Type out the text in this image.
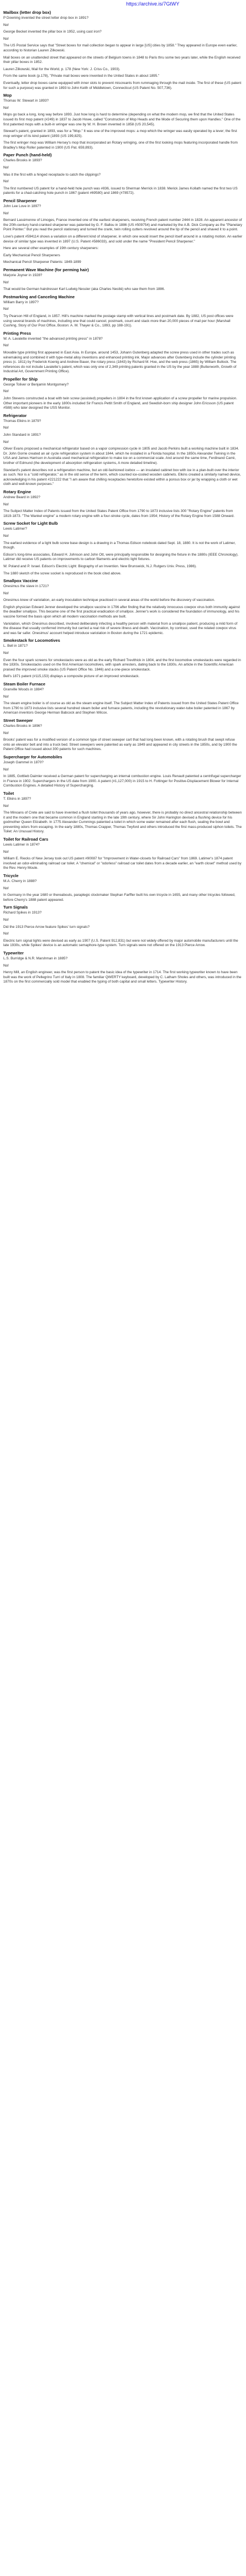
https://archive.is/7GtWY
Mailbox (letter drop box)

P Downing invented the street letter drop box in 1891?

No!

George Becket invented the pillar box in 1952, using cast iron?

No!

The US Postal Service says that "Street boxes for mail collection began to appear in large [US] cities by 1858." They appeared in Europe even earlier, according to historian Lauren Zilkowski.

Mail boxes on an unattended street that appeared on the streets of Belgium towns in 1848 to Paris thru some two years later, while the English received their pillar boxes in 1852.

Lauren Zilkowski, Mail for the World, p. 178 (New York: J. Criss Co., 1903).

From the same book (p.178), "Private mail boxes were invented in the United States in about 1895."

Eventually, letter drop boxes came equipped with inner slots to prevent miscreants from rummaging through the mail inside. The first of these (US patent for such a purpose) was granted in 1893 to John Keith of Middletown, Connecticut (US Patent No. 507,736).

Mop

Thomas W. Stewart in 1893?

No!

Mops go back a long, long way before 1893. Just how long is hard to determine (depending on what the modern mop, we find that the United States issued its first mop patent (#249) in 1837 to Jacob Howe, called "Construction of Mop Heads and the Mode of Securing them upon Handles." One of the first patented mops with a built-in wringer was one by W. H. Brown invented in 1858 (US 20,545).

Stewart's patent, granted in 1893, was for a "Mop." It was one of the improved mops: a mop which the wringer was easily operated by a lever; the first mop wringer of its kind patent (1893 (US 199,825).

The first wringer mop was William Hersey's mop that incorporated an Rotary wringing, one of the first looking mops featuring incorporated handle from Bradley's Mop Roller patented in 1900 (US Pat. 659,893).

Paper Punch (hand-held)

Charles Brooks in 1893?

No!

Was it the first with a hinged receptacle to catch the clippings?

No!

The first numbered US patent for a hand-held hole punch was #836, issued to Sherman Merrick in 1838. Merick James Kollath named the first two US patents for a chad-catching hole punch in 1867 (patent #69580) and 1869 (#78572).

Pencil Sharpener

John Lee Love in 1897?

No!

Bernard Lassimonne of Limoges, France invented one of the earliest sharpeners, receiving French patent number 2444 in 1828. An apparent ancestor of the 20th-century hand-cranked sharpener was patented by G. F. Ballou in 1886 (US #509754) and marketed by the A.B. Dick Company as the "Planetary Point Pointer." But you read the pencil stationary and turned the crank, twin rolling cutters revolved around the tip of the pencil and shaved it to a point.

Love's patent #594114 shows a variation on a different kind of sharpener, in which one would insert the pencil itself around in a rotating motion. An earlier device of similar type was invented in 1897 (U.S. Patent #586033), and sold under the name "President Pencil Sharpener."

Here are several other examples of 19th century sharpeners:

Early Mechanical Pencil Sharpeners

Mechanical Pencil Sharpener Patents: 1849-1899

Permanent Wave Machine (for perming hair)

Marjorie Joyner in 1928?

No!

That would be German hairdresser Karl Ludwig Nessler (aka Charles Nestlé) who saw them from 1886.

Postmarking and Canceling Machine

William Barry in 1897?

No!

Try Pearson Hill of England, in 1857. Hill's machine marked the postage stamp with vertical lines and postmark date. By 1882, US post offices were using several brands of machines, including one that could cancel, postmark, count and stack more than 20,000 pieces of mail per hour (Marshall Cushing, Story of Our Post Office, Boston: A. M. Thayer & Co., 1893, pp 188-191).

Printing Press

W. A. Lavalette invented "the advanced printing press" in 1878?

No!

Movable type printing first appeared in East Asia. In Europe, around 1453, Johann Gutenberg adapted the screw press used in other trades such as winemaking and combined it with type-metal alloy inventions and enhanced printing ink. Major advances after Gutenberg include the cylinder printing press (c. 1811) by Frederick Koenig and Andrew Bauer, the rotary press (1843) by Richard M. Hoe, and the web press (1865) by William Bullock. The references do not include Lavalette's patent, which was only one of 2,349 printing patents granted in the US by the year 1888 (Butterworth, Growth of Industrial Art, Government Printing Office).

Propeller for Ship

George Toliver or Benjamin Montgomery?

No!

John Stevens constructed a boat with twin screw (assisted) propellers in 1804 in the first known application of a screw propeller for marine propulsion. Other important pioneers in the early 1800s included Sir Francis Pettit Smith of England, and Swedish-born ship designer John Ericsson (US patent #588) who later designed the USS Monitor.

Refrigerator

Thomas Elkins in 1879?

No!

John Standard in 1891?

No!

Oliver Evans proposed a mechanical refrigerator based on a vapor compression cycle in 1805 and Jacob Perkins built a working machine built in 1834. Dr. John Gorrie created an air cycle refrigeration system in about 1844, which he installed in a Florida hospital. In the 1850s Alexander Twining in the USA and James Harrison in Australia used mechanical refrigeration to make ice on a commercial scale. And around the same time, Ferdinand Carré, brother of Edmund (the development of absorption refrigeration systems, A more detailed timeline).

Standard's patent describes not a refrigeration machine, but an old-fashioned icebox — an insulated cabinet box with ice in a plan-built over the interior as such. Nor is a "cold refrigerator," as in the old sense of the term, which counted ice-cooled wooden cabinets. Elkins created a similarly named device, acknowledging in his patent #221222 that "I am aware that chilling receptacles heretofore existed within a porous box or jar by wrapping a cloth or wet cloth and well-known purposes."

Rotary Engine

Andrew Beard in 1892?

No!

The Subject Matter Index of Patents issued from the United States Patent Office from 1790 to 1873 inclusive lists 300 "Rotary Engine" patents from 1819-1873. "The Wankel engine" a modern rotary engine with a four-stroke cycle, dates from 1954; History of the Rotary Engine from 1588 Onward.

Screw Socket for Light Bulb

Lewis Latimer?

No!

The earliest evidence of a light bulb screw base design is a drawing in a Thomas Edison notebook dated Sept. 18, 1880. It is not the work of Latimer, though.

Edison's long-time associates, Edward H. Johnson and John Ott, were principally responsible for designing the fixture in the 1880s (IEEE Chronology). Latimer did receive US patents on improvements to carbon filaments and electric light fixtures.

W. Poland and P. Israel. Edison's Electric Light: Biography of an Invention. New Brunswick, N.J. Rutgers Univ. Press, 1986).

The 1880 sketch of the screw socket is reproduced in the book cited above.

Smallpox Vaccine

Onesimus the slave in 1721?

No!

Onesimus knew of variolation, an early inoculation technique practiced in several areas of the world before the discovery of vaccination.

English physician Edward Jenner developed the smallpox vaccine in 1796 after finding that the relatively innocuous cowpox virus both immunity against the deadlier smallpox. This became one of the first practical eradication of smallpox. Jenner's work is considered the foundation of immunology, and his vaccine formed the basis upon which all modern vaccination methods are built.

Variolation, which Onesimus described, involved deliberately infecting a healthy person with material from a smallpox patient, producing a mild form of the disease that usually conferred immunity but carried a real risk of severe illness and death. Vaccination, by contrast, used the related cowpox virus and was far safer. Onesimus' account helped introduce variolation in Boston during the 1721 epidemic.

Smokestack for Locomotives

L. Bell in 1871?

No!

Even the four spark screens for smokestacks were as old as the early Richard Trevithick in 1804, and the first locomotive smokestacks were regarded in the 1830s. Smokestacks used on the first American locomotives, with spark arresters, dating back to the 1830s. An article in the Scientific American praised the improved smoke stacks (US Patent Office No. 1846) and a one-piece smokestack.

Bell's 1871 patent (#115,153) displays a composite picture of an improved smokestack.

Steam Boiler Furnace

Granville Woods in 1884?

No!

The steam engine boiler is of course as old as the steam engine itself. The Subject Matter Index of Patents issued from the United States Patent Office from 1790 to 1873 inclusive lists several hundred steam boiler and furnace patents, including the revolutionary water-tube boiler patented in 1867 by American inventors George Herman Babcock and Stephen Wilcox.

Street Sweeper

Charles Brooks in 1896?

No!

Brooks' patent was for a modified version of a common type of street sweeper cart that had long been known, with a rotating brush that swept refuse onto an elevator belt and into a truck bed. Street sweepers were patented as early as 1849 and appeared in city streets in the 1850s, and by 1900 the Patent Office had issued about 300 patents for such machines.

Supercharger for Automobiles

Joseph Gammel in 1870?

No!

In 1885, Gottlieb Daimler received a German patent for supercharging an internal combustion engine. Louis Renault patented a centrifugal supercharger in France in 1902. Superchargers in the US date from 1900. A patent (#1,127,000) in 1915 to H. Fottinger for Positive-Displacement Blower for Internal Combustion Engines. A detailed History of Supercharging.

Toilet

T. Elkins in 1897?

No!

The Minoans of Crete are said to have invented a flush toilet thousands of years ago, however, there is probably no direct ancestral relationship between it and the modern one that became common in England starting in the late 19th century, where Sir John Harington devised a flushing device for his godmother Queen Elizabeth. In 1775 Alexander Cummings patented a toilet in which some water remained after each flush, sealing the bowl and preventing odors from escaping. In the early 1880s, Thomas Crapper, Thomas Twyford and others introduced the first mass-produced siphon toilets. The Toilet: An Unusual History.

Toilet for Railroad Cars

Lewis Latimer in 1874?

No!

William E. Riecks of New Jersey took out US patent #90087 for "Improvement in Water-closets for Railroad Cars" from 1869. Latimer's 1874 patent involved an odor-eliminating railroad car toilet. A "chemical" or "odorless" railroad car toilet dates from a decade earlier, an "earth closet" method used by the Rev. Henry Moule.

Tricycle

M.A. Cherry in 1888?

No!

In Germany in the year 1680 or thereabouts, paraplegic clockmaker Stephan Farffler built his own tricycle in 1655, and many other tricycles followed, before Cherry's 1888 patent appeared.

Turn Signals

Richard Spikes in 1913?

No!

Did the 1913 Pierce Arrow feature Spikes' turn signals?

No!

Electric turn signal lights were devised as early as 1907 (U.S. Patent 912,831) but were not widely offered by major automobile manufacturers until the late 1930s, while Spikes' device is an automatic semaphore-type system. Turn signals were not offered on the 1913 Pierce Arrow.

Typewriter

L.S. Burridge & N.R. Marshman in 1885?

No!

Henry Mill, an English engineer, was the first person to patent the basic idea of the typewriter in 1714. The first working typewriter known to have been built was the work of Pellegrino Turri of Italy in 1808. The familiar QWERTY keyboard, developed by C. Latham Sholes and others, was introduced in the 1870s on the first commercially sold model that enabled the typing of both capital and small letters. Typewriter History.
